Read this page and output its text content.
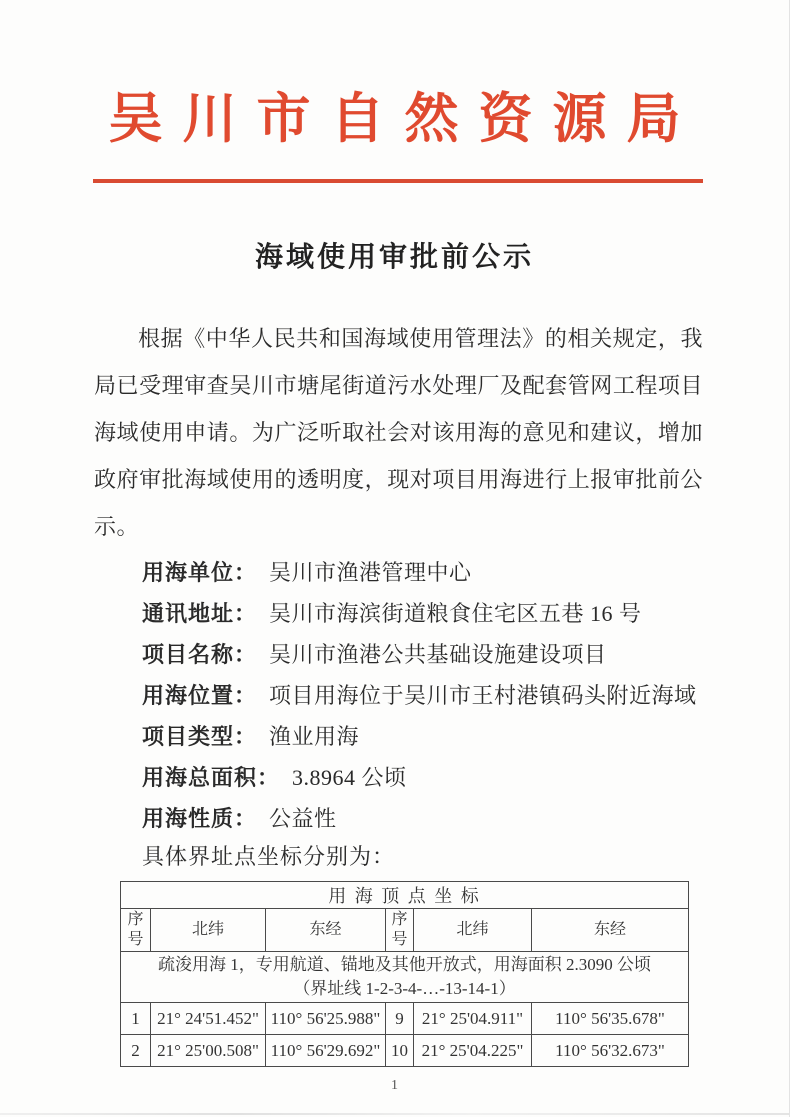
吴川市自然资源局
海域使用审批前公示
根据《中华人民共和国海域使用管理法》的相关规定，我局已受理审查吴川市塘尾街道污水处理厂及配套管网工程项目海域使用申请。为广泛听取社会对该用海的意见和建议，增加政府审批海域使用的透明度，现对项目用海进行上报审批前公示。
用海单位： 吴川市渔港管理中心
通讯地址： 吴川市海滨街道粮食住宅区五巷 16 号
项目名称： 吴川市渔港公共基础设施建设项目
用海位置： 项目用海位于吴川市王村港镇码头附近海域
项目类型： 渔业用海
用海总面积： 3.8964 公顷
用海性质： 公益性
具体界址点坐标分别为：
用 海 顶 点 坐 标					
序号	北纬	东经	序号	北纬	东经

疏浚用海 1，专用航道、锚地及其他开放式，用海面积 2.3090 公顷
（界址线 1-2-3-4-…-13-14-1）					

1	21° 24'51.452"	110° 56'25.988"	9	21° 25'04.911"	110° 56'35.678"
2	21° 25'00.508"	110° 56'29.692"	10	21° 25'04.225"	110° 56'32.673"
1
